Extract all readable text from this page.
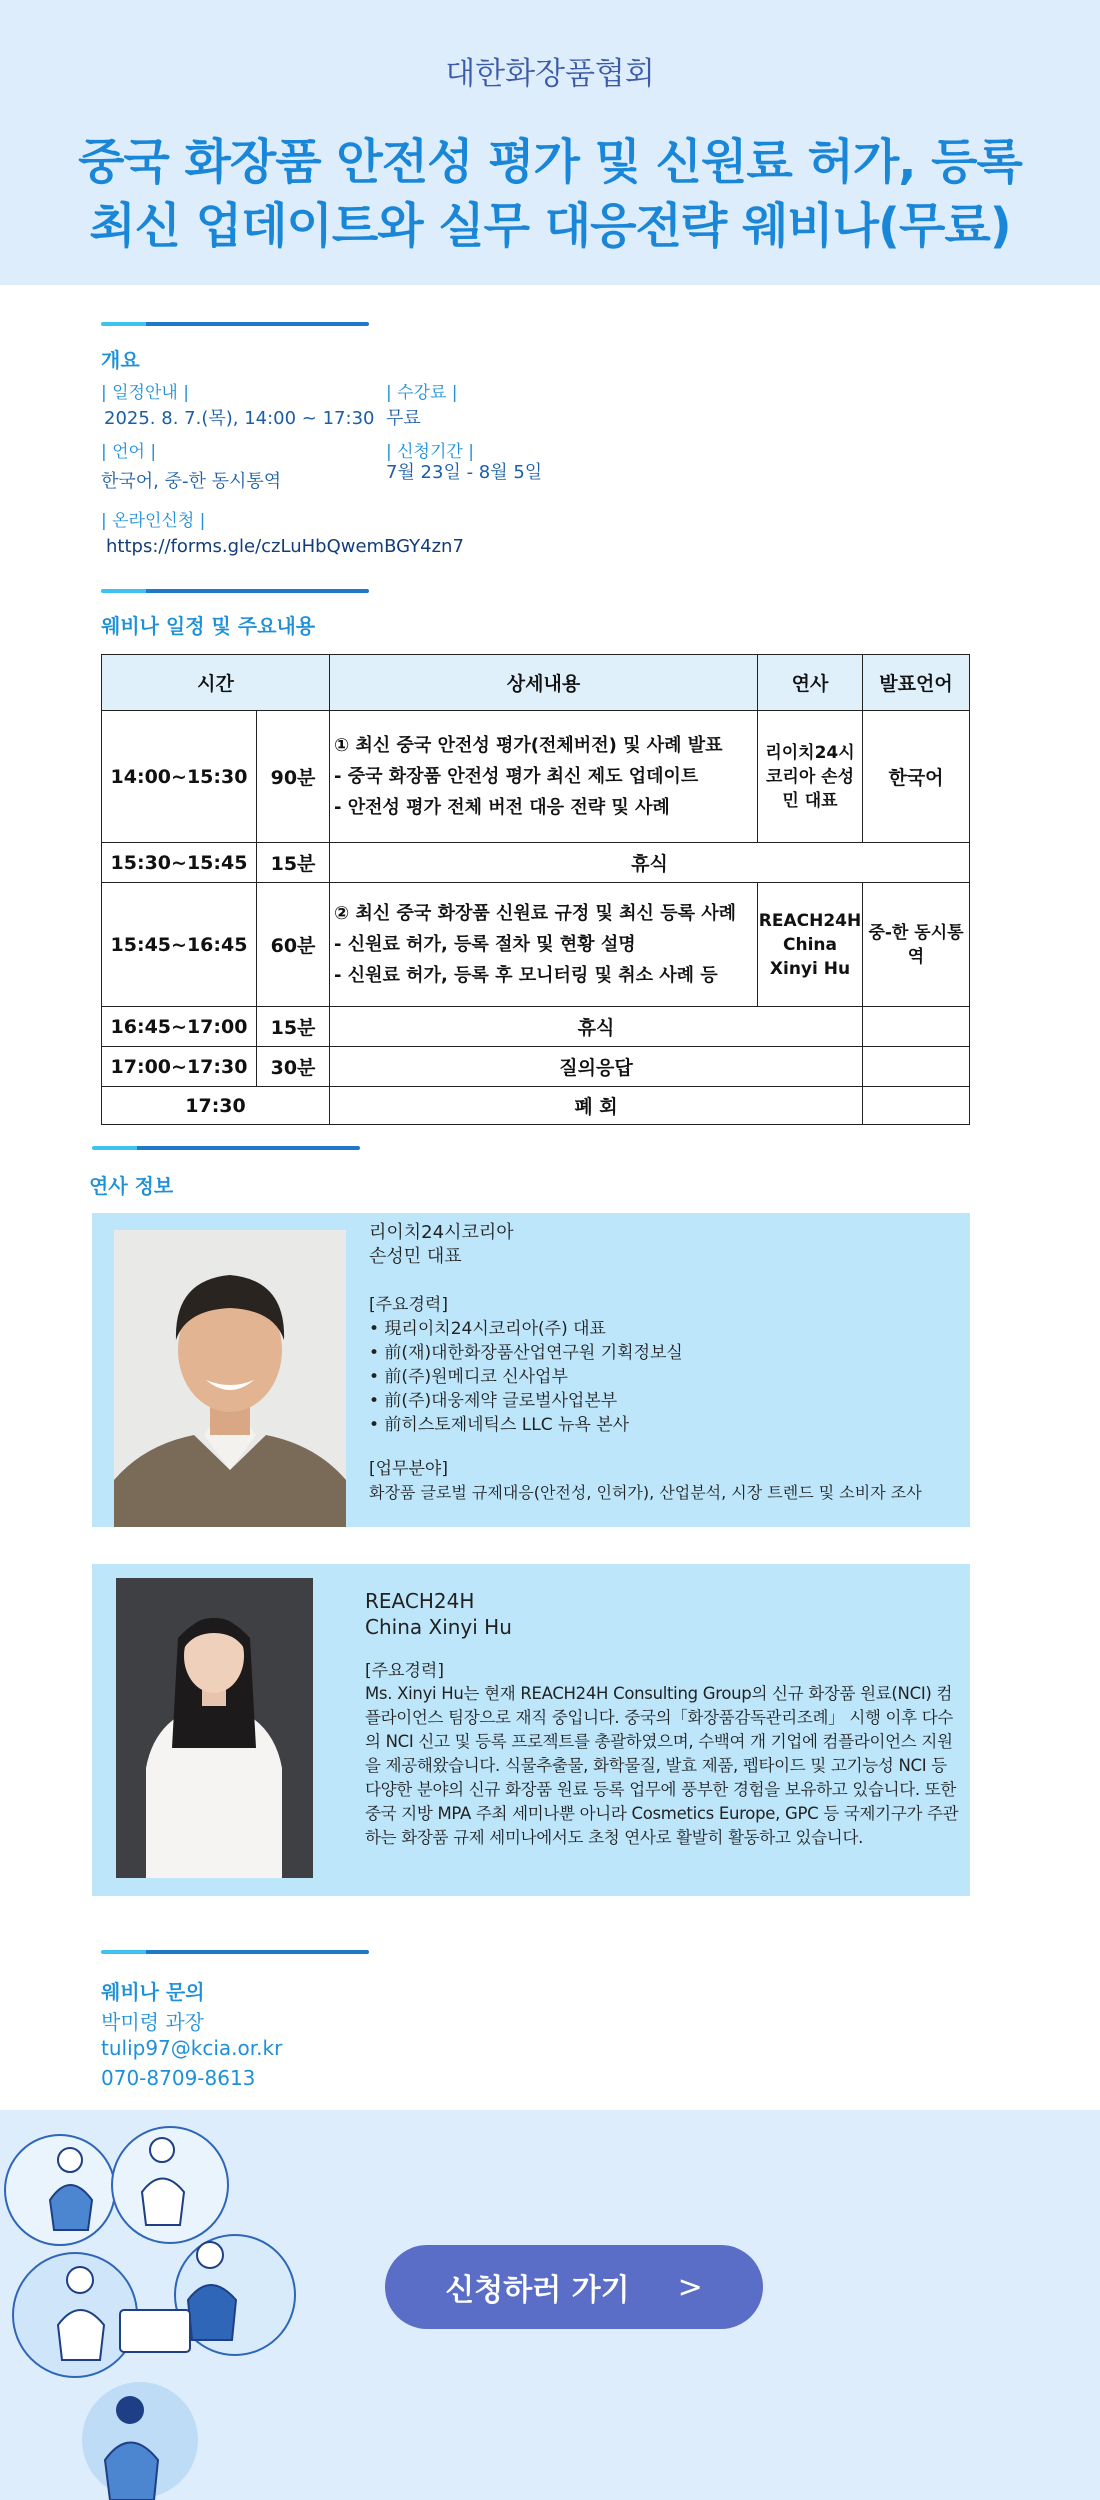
대한화장품협회
중국 화장품 안전성 평가 및 신원료 허가, 등록
최신 업데이트와 실무 대응전략 웨비나(무료)
개요
| 일정안내 |
2025. 8. 7.(목), 14:00 ~ 17:30
| 수강료 |
무료
| 언어 |
한국어, 중-한 동시통역
| 신청기간 |
7월 23일 - 8월 5일
| 온라인신청 |
https://forms.gle/czLuHbQwemBGY4zn7
웨비나 일정 및 주요내용
시간		상세내용	연사	발표언어
14:00~15:30	90분	① 최신 중국 안전성 평가(전체버전) 및 사례 발표
- 중국 화장품 안전성 평가 최신 제도 업데이트
- 안전성 평가 전체 버전 대응 전략 및 사례	리이치24시 코리아 손성민 대표	한국어
15:30~15:45	15분	휴식		
15:45~16:45	60분	② 최신 중국 화장품 신원료 규정 및 최신 등록 사례
- 신원료 허가, 등록 절차 및 현황 설명
- 신원료 허가, 등록 후 모니터링 및 취소 사례 등	REACH24H China Xinyi Hu	중-한 동시통역
16:45~17:00	15분	휴식		
17:00~17:30	30분	질의응답		
17:30		폐 회		
연사 정보

리이치24시코리아

손성민 대표

[주요경력]

• 現리이치24시코리아(주) 대표

• 前(재)대한화장품산업연구원 기획정보실

• 前(주)원메디코 신사업부

• 前(주)대웅제약 글로벌사업본부

• 前히스토제네틱스 LLC 뉴욕 본사

[업무분야]

화장품 글로벌 규제대응(안전성, 인허가), 산업분석, 시장 트렌드 및 소비자 조사

REACH24H

China Xinyi Hu

[주요경력]

Ms. Xinyi Hu는 현재 REACH24H Consulting Group의 신규 화장품 원료(NCI) 컴플라이언스 팀장으로 재직 중입니다. 중국의「화장품감독관리조례」 시행 이후 다수의 NCI 신고 및 등록 프로젝트를 총괄하였으며, 수백여 개 기업에 컴플라이언스 지원을 제공해왔습니다. 식물추출물, 화학물질, 발효 제품, 펩타이드 및 고기능성 NCI 등 다양한 분야의 신규 화장품 원료 등록 업무에 풍부한 경험을 보유하고 있습니다. 또한 중국 지방 MPA 주최 세미나뿐 아니라 Cosmetics Europe, GPC 등 국제기구가 주관하는 화장품 규제 세미나에서도 초청 연사로 활발히 활동하고 있습니다.

웨비나 문의
박미령 과장
tulip97@kcia.or.kr
070-8709-8613
신청하러 가기 >
